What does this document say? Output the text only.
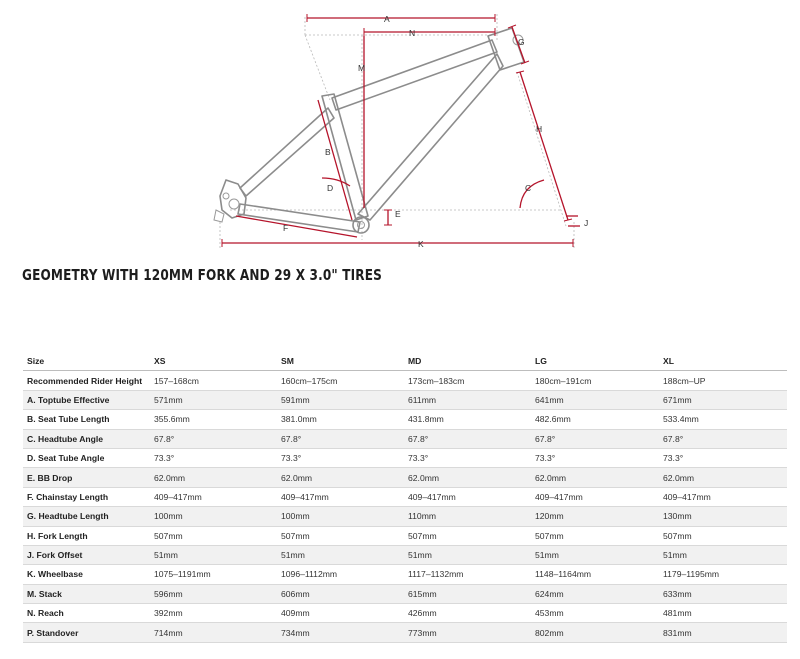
A
N
G
M
H
B
C
D
E
F	J
K
GEOMETRY WITH 120MM FORK AND 29 X 3.0" TIRES
Size	XS	SM	MD	LG	XL
Recommended Rider Height	157–168cm	160cm–175cm	173cm–183cm	180cm–191cm	188cm–UP
A. Toptube Effective	571mm	591mm	611mm	641mm	671mm
B. Seat Tube Length	355.6mm	381.0mm	431.8mm	482.6mm	533.4mm
C. Headtube Angle	67.8°	67.8°	67.8°	67.8°	67.8°
D. Seat Tube Angle	73.3°	73.3°	73.3°	73.3°	73.3°
E. BB Drop	62.0mm	62.0mm	62.0mm	62.0mm	62.0mm
F. Chainstay Length	409–417mm	409–417mm	409–417mm	409–417mm	409–417mm
G. Headtube Length	100mm	100mm	110mm	120mm	130mm
H. Fork Length	507mm	507mm	507mm	507mm	507mm
J. Fork Offset	51mm	51mm	51mm	51mm	51mm
K. Wheelbase	1075–1191mm	1096–1112mm	1117–1132mm	1148–1164mm	1179–1195mm
M. Stack	596mm	606mm	615mm	624mm	633mm
N. Reach	392mm	409mm	426mm	453mm	481mm
P. Standover	714mm	734mm	773mm	802mm	831mm
